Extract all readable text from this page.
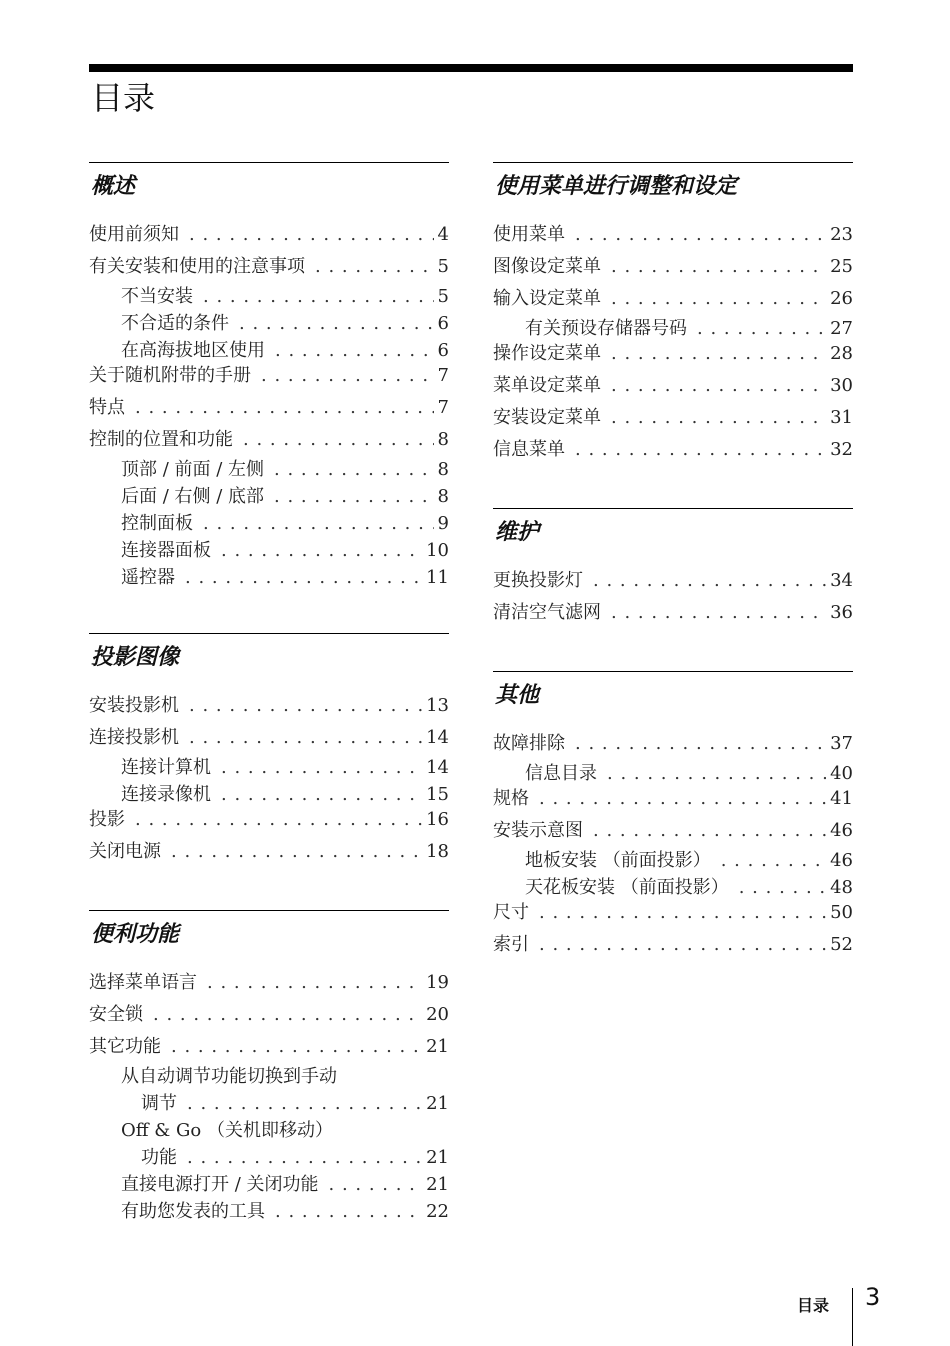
目录
概述
使用前须知 . . .	4
有关安装和使用的注意事项 . . .	5
不当安装 . . .	5
不合适的条件 . . .	6
在高海拔地区使用 . . .	6
关于随机附带的手册 . . .	7
特点 . . .	7
控制的位置和功能 . . .	8
顶部 / 前面 / 左侧 . . .	8
后面 / 右侧 / 底部 . . .	8
控制面板 . . .	9
连接器面板 . . .	10
遥控器 . . .	11
投影图像
安装投影机 . . .	13
连接投影机 . . .	14
连接计算机 . . .	14
连接录像机 . . .	15
投影 . . .	16
关闭电源 . . .	18
便利功能
选择菜单语言 . . .	19
安全锁 . . .	20
其它功能 . . .	21
从自动调节功能切换到手动
调节 . . .	21
Off & Go （关机即移动）
功能 . . .	21
直接电源打开 / 关闭功能 . . .	21
有助您发表的工具 . . .	22
使用菜单进行调整和设定
使用菜单 . . .	23
图像设定菜单 . . .	25
输入设定菜单 . . .	26
有关预设存储器号码 . . .	27
操作设定菜单 . . .	28
菜单设定菜单 . . .	30
安装设定菜单 . . .	31
信息菜单 . . .	32
维护
更换投影灯 . . .	34
清洁空气滤网 . . .	36
其他
故障排除 . . .	37
信息目录 . . .	40
规格 . . .	41
安装示意图 . . .	46
地板安装 （前面投影） . . .	46
天花板安装 （前面投影） . . .	48
尺寸 . . .	50
索引 . . .	52
目录 3
